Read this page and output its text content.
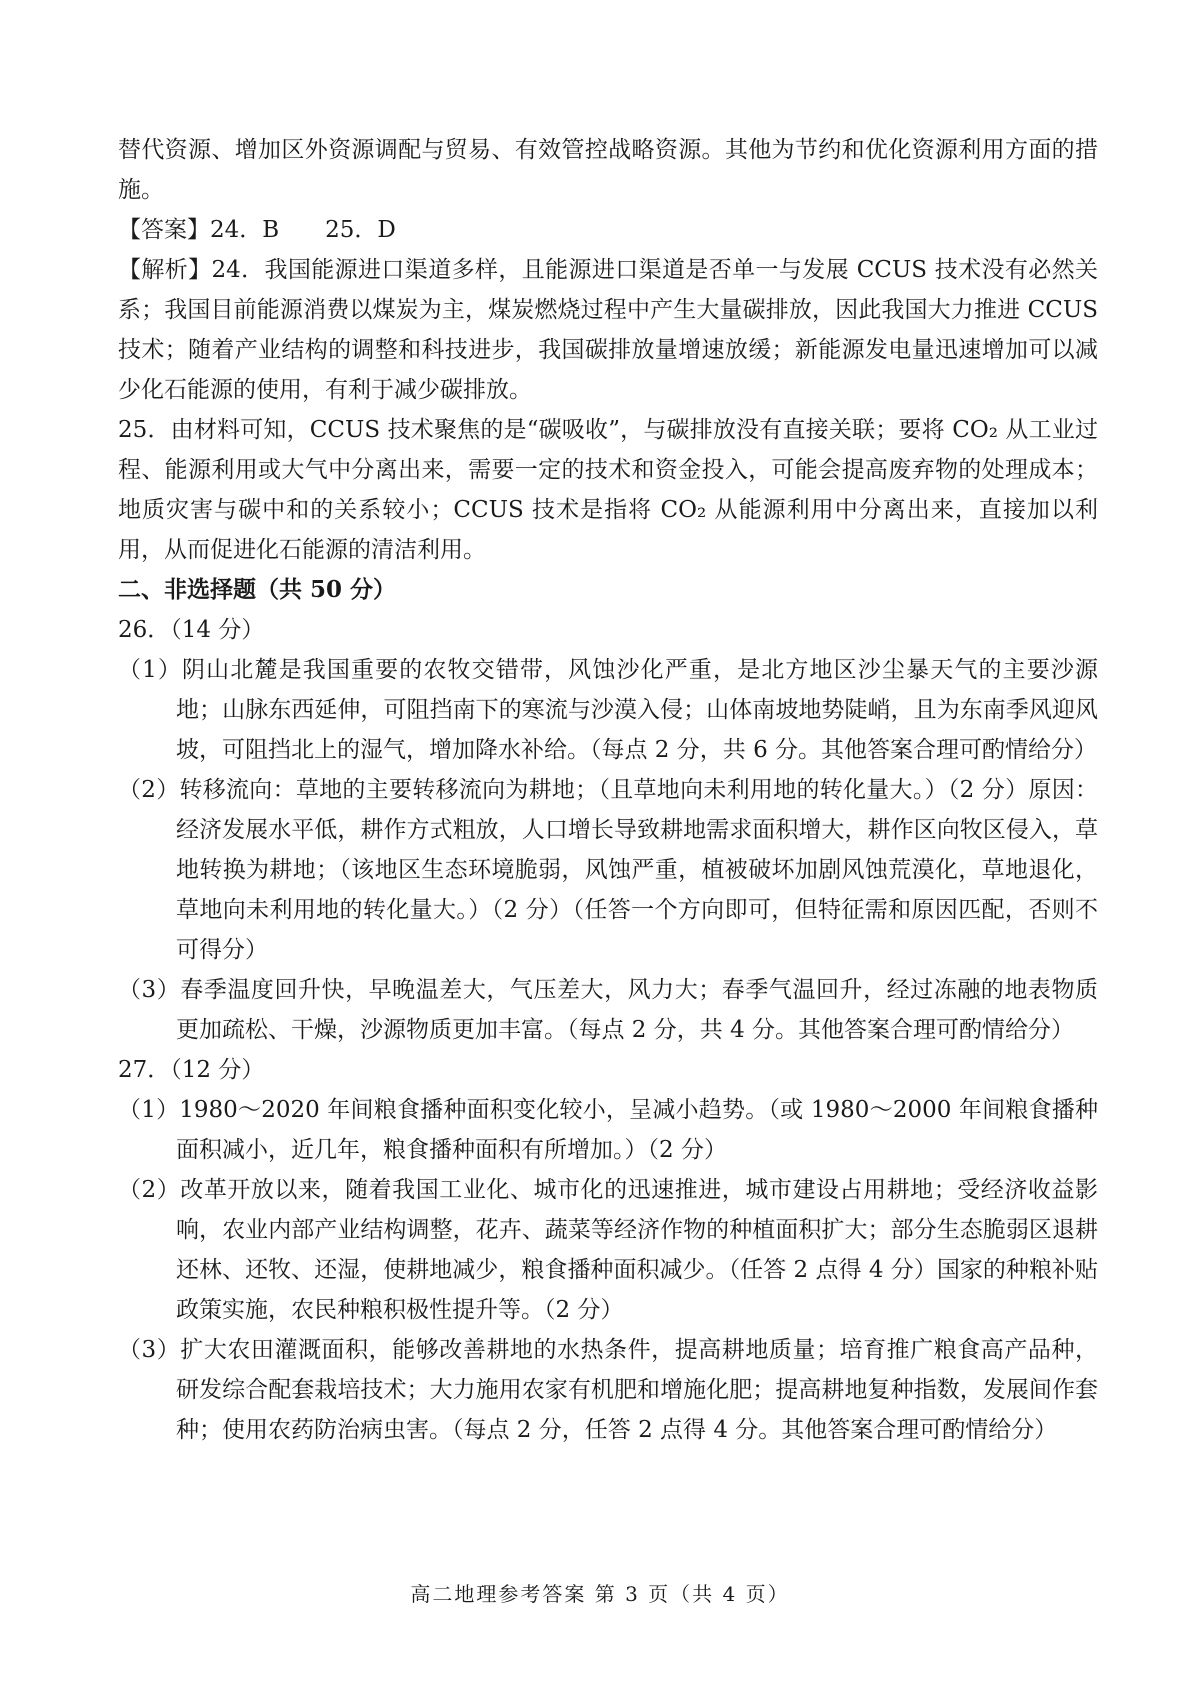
替代资源、增加区外资源调配与贸易、有效管控战略资源。其他为节约和优化资源利用方面的措施。

【答案】24．B　　25．D

【解析】24．我国能源进口渠道多样，且能源进口渠道是否单一与发展 CCUS 技术没有必然关系；我国目前能源消费以煤炭为主，煤炭燃烧过程中产生大量碳排放，因此我国大力推进 CCUS 技术；随着产业结构的调整和科技进步，我国碳排放量增速放缓；新能源发电量迅速增加可以减少化石能源的使用，有利于减少碳排放。

25．由材料可知，CCUS 技术聚焦的是“碳吸收”，与碳排放没有直接关联；要将 CO₂ 从工业过程、能源利用或大气中分离出来，需要一定的技术和资金投入，可能会提高废弃物的处理成本；地质灾害与碳中和的关系较小；CCUS 技术是指将 CO₂ 从能源利用中分离出来，直接加以利用，从而促进化石能源的清洁利用。

二、非选择题（共 50 分）

26．（14 分）

（1）阴山北麓是我国重要的农牧交错带，风蚀沙化严重，是北方地区沙尘暴天气的主要沙源地；山脉东西延伸，可阻挡南下的寒流与沙漠入侵；山体南坡地势陡峭，且为东南季风迎风坡，可阻挡北上的湿气，增加降水补给。（每点 2 分，共 6 分。其他答案合理可酌情给分）

（2）转移流向：草地的主要转移流向为耕地；（且草地向未利用地的转化量大。）（2 分）原因：经济发展水平低，耕作方式粗放，人口增长导致耕地需求面积增大，耕作区向牧区侵入，草地转换为耕地；（该地区生态环境脆弱，风蚀严重，植被破坏加剧风蚀荒漠化，草地退化，草地向未利用地的转化量大。）（2 分）（任答一个方向即可，但特征需和原因匹配，否则不可得分）

（3）春季温度回升快，早晚温差大，气压差大，风力大；春季气温回升，经过冻融的地表物质更加疏松、干燥，沙源物质更加丰富。（每点 2 分，共 4 分。其他答案合理可酌情给分）

27．（12 分）

（1）1980～2020 年间粮食播种面积变化较小，呈减小趋势。（或 1980～2000 年间粮食播种面积减小，近几年，粮食播种面积有所增加。）（2 分）

（2）改革开放以来，随着我国工业化、城市化的迅速推进，城市建设占用耕地；受经济收益影响，农业内部产业结构调整，花卉、蔬菜等经济作物的种植面积扩大；部分生态脆弱区退耕还林、还牧、还湿，使耕地减少，粮食播种面积减少。（任答 2 点得 4 分）国家的种粮补贴政策实施，农民种粮积极性提升等。（2 分）

（3）扩大农田灌溉面积，能够改善耕地的水热条件，提高耕地质量；培育推广粮食高产品种，研发综合配套栽培技术；大力施用农家有机肥和增施化肥；提高耕地复种指数，发展间作套种；使用农药防治病虫害。（每点 2 分，任答 2 点得 4 分。其他答案合理可酌情给分）

高二地理参考答案 第 3 页（共 4 页）
